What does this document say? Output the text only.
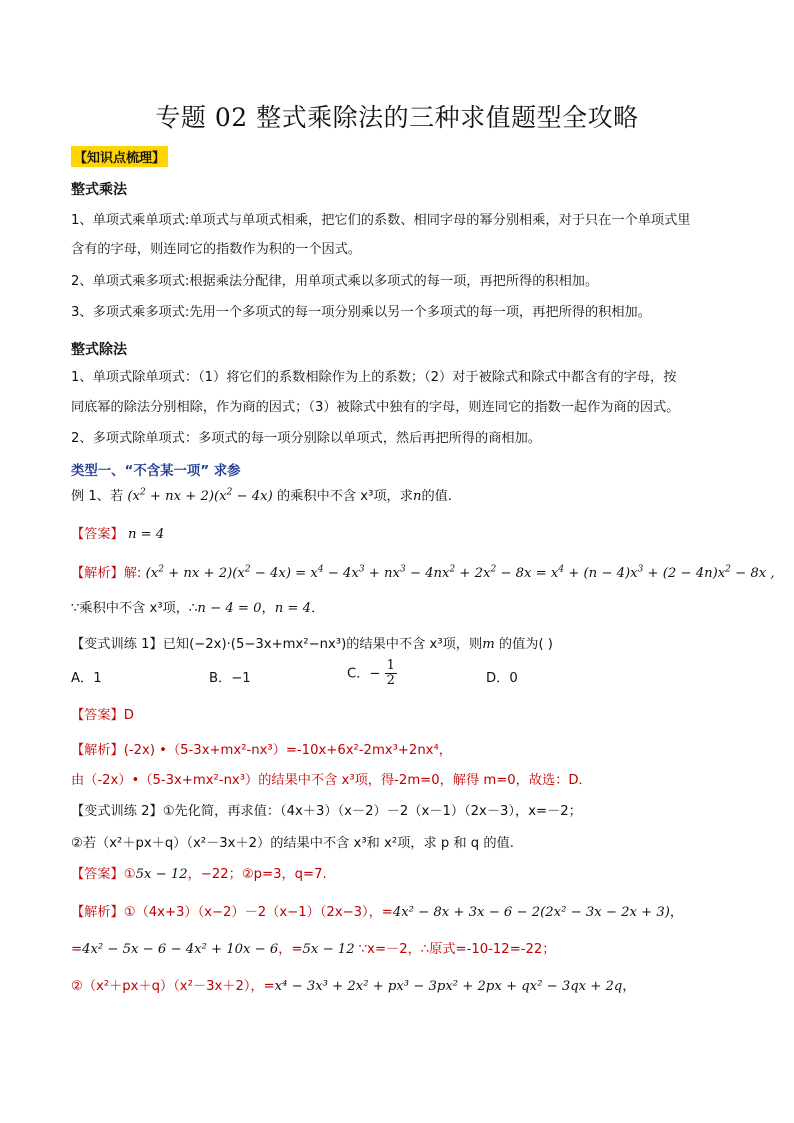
专题 02 整式乘除法的三种求值题型全攻略
【知识点梳理】
整式乘法
1、单项式乘单项式:单项式与单项式相乘，把它们的系数、相同字母的幂分别相乘，对于只在一个单项式里
含有的字母，则连同它的指数作为积的一个因式。
2、单项式乘多项式:根据乘法分配律，用单项式乘以多项式的每一项，再把所得的积相加。
3、多项式乘多项式:先用一个多项式的每一项分别乘以另一个多项式的每一项，再把所得的积相加。
整式除法
1、单项式除单项式：（1）将它们的系数相除作为上的系数；（2）对于被除式和除式中都含有的字母，按
同底幂的除法分别相除，作为商的因式；（3）被除式中独有的字母，则连同它的指数一起作为商的因式。
2、多项式除单项式：多项式的每一项分别除以单项式，然后再把所得的商相加。
类型一、“不含某一项” 求参
例 1、若 ($x^2$ + nx + $2)(x^2 - 4x)$ 的乘积中不含 x³项，求n的值.
【答案】 n = 4
【解析】解: ($x^2$ + nx + $2)(x^2 - 4x) = x^4 - 4x^3 + nx^3 - 4nx^2 + 2x^2 - 8x = x^4 + (n - 4)x^3 + (2 - 4n)x^2 - 8x$ ,
∵乘积中不含 x³项，∴n − 4 = 0，n = 4．
【变式训练 1】已知(−2x)·(5−3x+mx²−nx³)的结果中不含 x³项，则m 的值为( )
A．1	B．−1	C．− $\frac{1}{2}$	D．0
【答案】D
【解析】(-2x) •（5-3x+mx²-nx³）=-10x+6x²-2mx³+2nx⁴，
由（-2x）•（5-3x+mx²-nx³）的结果中不含 x³项，得-2m=0，解得 m=0，故选：D．
【变式训练 2】①先化简，再求值：（4x＋3）（x－2）－2（x－1）（2x－3），x=－2；
②若（x²＋px＋q）（x²－3x＋2）的结果中不含 x³和 x²项，求 p 和 q 的值.
【答案】①5x − 12，−22；②p=3，q=7.
【解析】①（4x+3）（x−2）－2（x−1）（2x−3），=4x² − 8x + 3x − 6 − 2(2x² − 3x − 2x + 3)，
=4x² − 5x − 6 − 4x² + 10x − 6，=5x − 12 ∵x=－2，∴原式=-10-12=-22；
②（x²＋px＋q）（x²－3x＋2），=x⁴ − 3x³ + 2x² + px³ − 3px² + 2px + qx² − 3qx + 2q，
